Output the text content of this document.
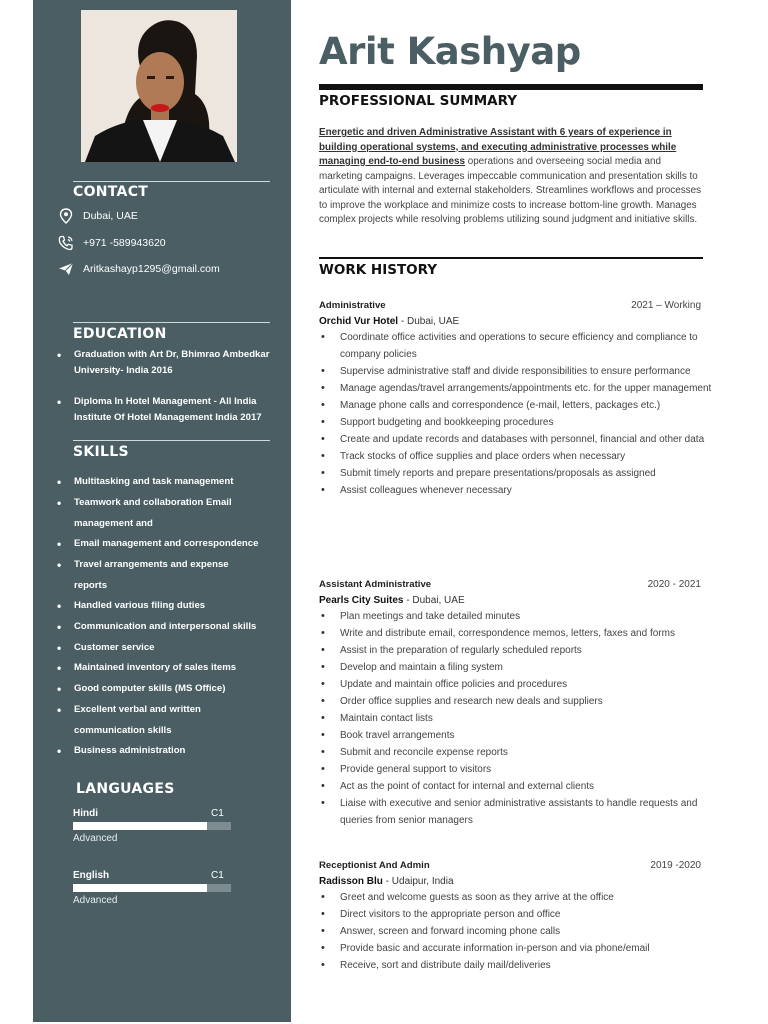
CONTACT
Dubai, UAE
+971 -589943620
Aritkashayp1295@gmail.com
EDUCATION
• Graduation with Art Dr, Bhimrao Ambedkar University- India 2016
• Diploma In Hotel Management - All India Institute Of Hotel Management India 2017
SKILLS
• Multitasking and task management
• Teamwork and collaboration Email management and
• Email management and correspondence
• Travel arrangements and expense reports
• Handled various filing duties
• Communication and interpersonal skills
• Customer service
• Maintained inventory of sales items
• Good computer skills (MS Office)
• Excellent verbal and written communication skills
• Business administration
LANGUAGES
Hindi	C1
Advanced
English	C1
Advanced
Arit Kashyap
PROFESSIONAL SUMMARY
Energetic and driven Administrative Assistant with 6 years of experience in building operational systems, and executing administrative processes while managing end-to-end business operations and overseeing social media and marketing campaigns. Leverages impeccable communication and presentation skills to articulate with internal and external stakeholders. Streamlines workflows and processes to improve the workplace and minimize costs to increase bottom-line growth. Manages complex projects while resolving problems utilizing sound judgment and initiative skills.
WORK HISTORY
Administrative	2021 – Working
Orchid Vur Hotel - Dubai, UAE
• Coordinate office activities and operations to secure efficiency and compliance to company policies
• Supervise administrative staff and divide responsibilities to ensure performance
• Manage agendas/travel arrangements/appointments etc. for the upper management
• Manage phone calls and correspondence (e-mail, letters, packages etc.)
• Support budgeting and bookkeeping procedures
• Create and update records and databases with personnel, financial and other data
• Track stocks of office supplies and place orders when necessary
• Submit timely reports and prepare presentations/proposals as assigned
• Assist colleagues whenever necessary
Assistant Administrative	2020 - 2021
Pearls City Suites - Dubai, UAE
• Plan meetings and take detailed minutes
• Write and distribute email, correspondence memos, letters, faxes and forms
• Assist in the preparation of regularly scheduled reports
• Develop and maintain a filing system
• Update and maintain office policies and procedures
• Order office supplies and research new deals and suppliers
• Maintain contact lists
• Book travel arrangements
• Submit and reconcile expense reports
• Provide general support to visitors
• Act as the point of contact for internal and external clients
• Liaise with executive and senior administrative assistants to handle requests and queries from senior managers
Receptionist And Admin	2019 -2020
Radisson Blu - Udaipur, India
• Greet and welcome guests as soon as they arrive at the office
• Direct visitors to the appropriate person and office
• Answer, screen and forward incoming phone calls
• Provide basic and accurate information in-person and via phone/email
• Receive, sort and distribute daily mail/deliveries
